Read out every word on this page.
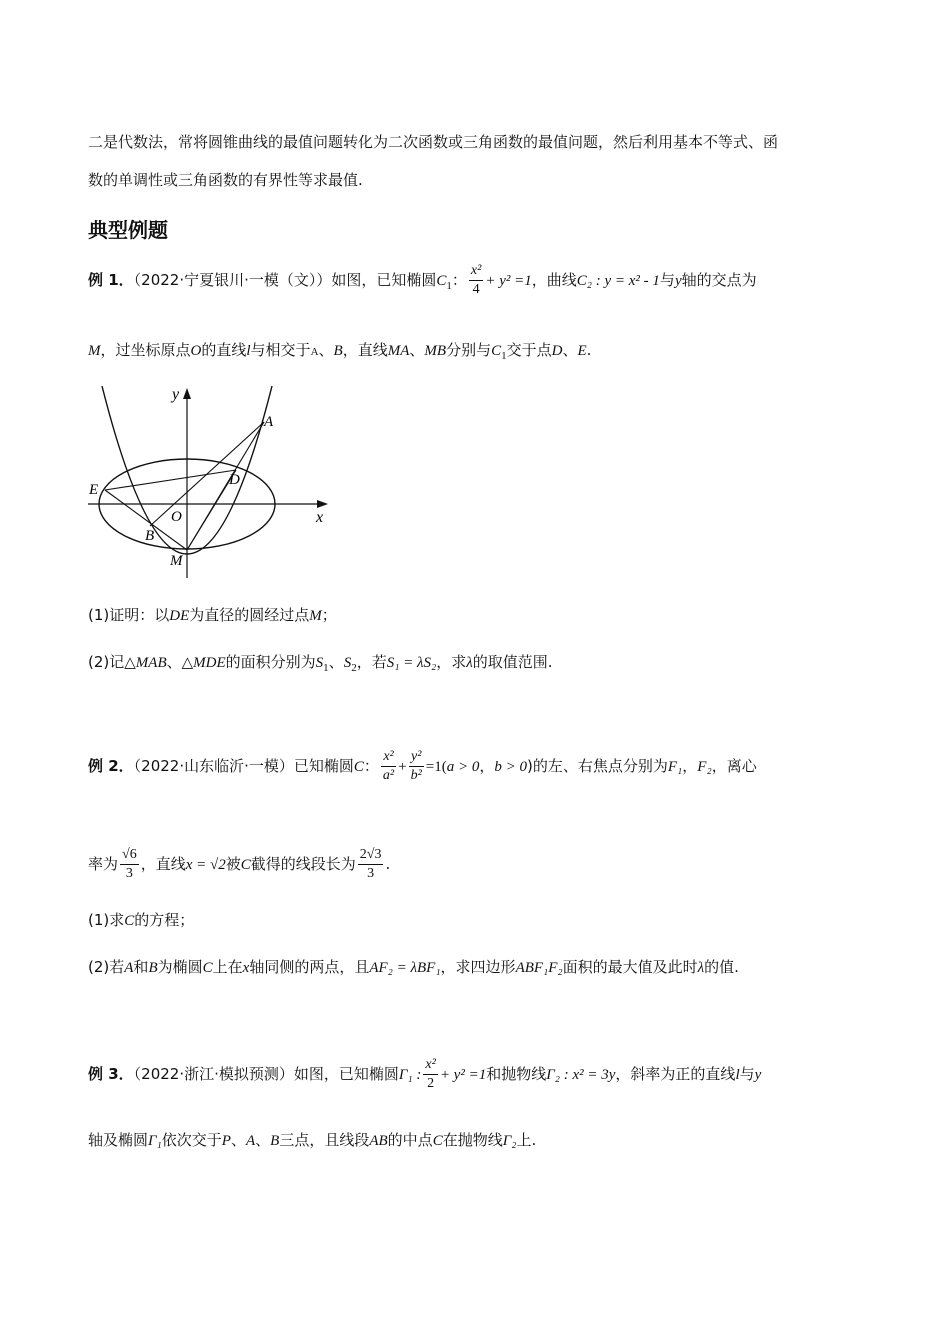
二是代数法，常将圆锥曲线的最值问题转化为二次函数或三角函数的最值问题，然后利用基本不等式、函
数的单调性或三角函数的有界性等求最值.
典型例题
例 1．（2022·宁夏银川·一模（文））如图，已知椭圆$C_1$： $\frac{\text{x²}}{4} + y^2 =1$，曲线C₂ : y = x² - 1与y轴的交点为
M，过坐标原点O的直线l与相交于A、B，直线MA、MB分别与$C_1$交于点D、E.
y
x
A
D
E
O
B
M
(1)证明：以DE为直径的圆经过点M；
(2)记△MAB、△MDE的面积分别为$S_1$、$S_2$，若S₁ = λS₂，求λ的取值范围.
例 2．（2022·山东临沂·一模）已知椭圆C： $\frac{\text{x²}}{\text{a²}} + \frac{\text{y²}}{\text{b²}} =1(a > 0$，b > 0)的左、右焦点分别为F₁，F₂，离心
率为 $\frac{√6}{3}$ ，直线x = √2被C截得的线段长为 $\frac{2√3}{3}$ .
(1)求C的方程；
(2)若A和B为椭圆C上在x轴同侧的两点，且AF₂ = λBF₁，求四边形ABF₁F₂面积的最大值及此时λ的值.
例 3．（2022·浙江·模拟预测）如图，已知椭圆Γ₁ : $\frac{\text{x²}}{2} + y^2 =1$和抛物线Γ₂ : x² = 3y，斜率为正的直线l与y
轴及椭圆Γ₁依次交于P、A、B三点，且线段AB的中点C在抛物线Γ₂上.
